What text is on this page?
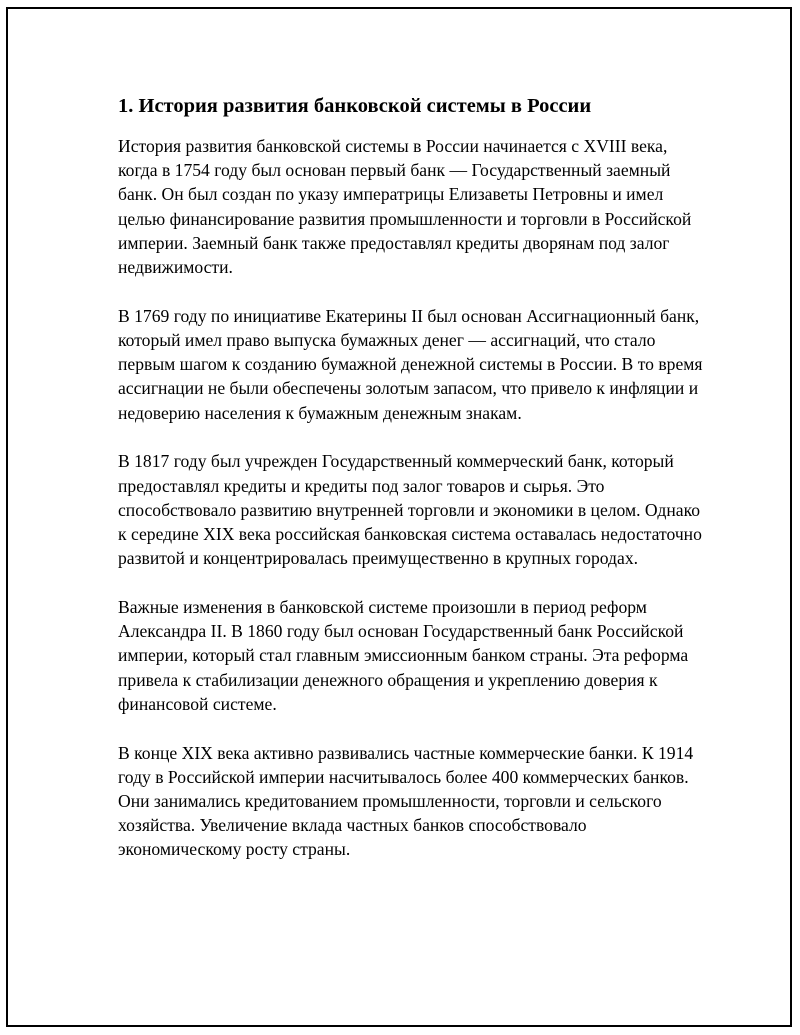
1. История развития банковской системы в России

История развития банковской системы в России начинается с XVIII века, когда в 1754 году был основан первый банк — Государственный заемный банк. Он был создан по указу императрицы Елизаветы Петровны и имел целью финансирование развития промышленности и торговли в Российской империи. Заемный банк также предоставлял кредиты дворянам под залог недвижимости.

В 1769 году по инициативе Екатерины II был основан Ассигнационный банк, который имел право выпуска бумажных денег — ассигнаций, что стало первым шагом к созданию бумажной денежной системы в России. В то время ассигнации не были обеспечены золотым запасом, что привело к инфляции и недоверию населения к бумажным денежным знакам.

В 1817 году был учрежден Государственный коммерческий банк, который предоставлял кредиты и кредиты под залог товаров и сырья. Это способствовало развитию внутренней торговли и экономики в целом. Однако к середине XIX века российская банковская система оставалась недостаточно развитой и концентрировалась преимущественно в крупных городах.

Важные изменения в банковской системе произошли в период реформ Александра II. В 1860 году был основан Государственный банк Российской империи, который стал главным эмиссионным банком страны. Эта реформа привела к стабилизации денежного обращения и укреплению доверия к финансовой системе.

В конце XIX века активно развивались частные коммерческие банки. К 1914 году в Российской империи насчитывалось более 400 коммерческих банков. Они занимались кредитованием промышленности, торговли и сельского хозяйства. Увеличение вклада частных банков способствовало экономическому росту страны.
